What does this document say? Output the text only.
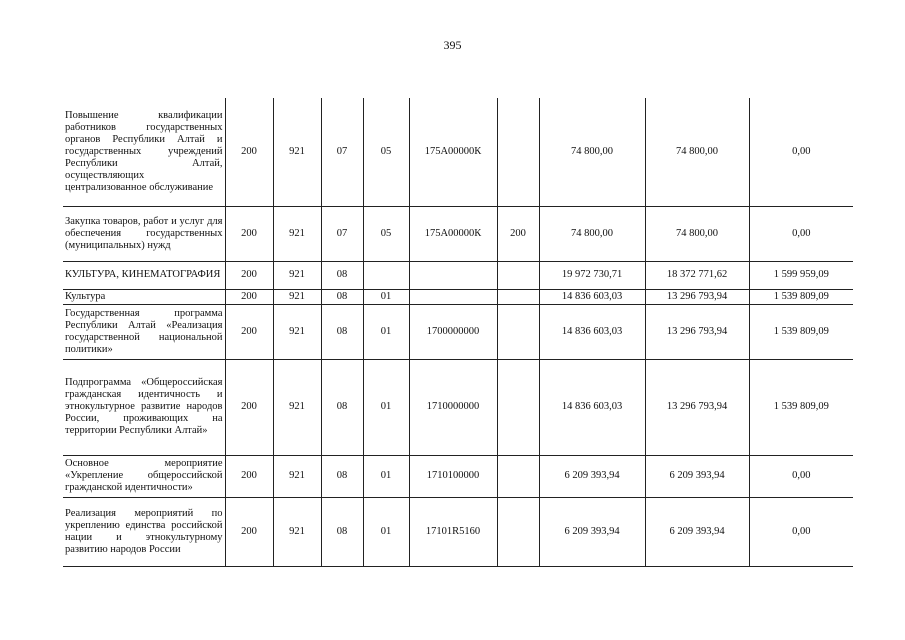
395
Повышение квалификации работников государственных органов Республики Алтай и государственных учреждений Республики Алтай, осуществляющих централизованное обслуживание	200	921	07	05	175А00000К		74 800,00	74 800,00	0,00
Закупка товаров, работ и услуг для обеспечения государственных (муниципальных) нужд	200	921	07	05	175А00000К	200	74 800,00	74 800,00	0,00
КУЛЬТУРА, КИНЕМАТОГРАФИЯ	200	921	08				19 972 730,71	18 372 771,62	1 599 959,09
Культура	200	921	08	01			14 836 603,03	13 296 793,94	1 539 809,09
Государственная программа Республики Алтай «Реализация государственной национальной политики»	200	921	08	01	1700000000		14 836 603,03	13 296 793,94	1 539 809,09
Подпрограмма «Общероссийская гражданская идентичность и этнокультурное развитие народов России, проживающих на территории Республики Алтай»	200	921	08	01	1710000000		14 836 603,03	13 296 793,94	1 539 809,09
Основное мероприятие «Укрепление общероссийской гражданской идентичности»	200	921	08	01	1710100000		6 209 393,94	6 209 393,94	0,00
Реализация мероприятий по укреплению единства российской нации и этнокультурному развитию народов России	200	921	08	01	17101R5160		6 209 393,94	6 209 393,94	0,00
